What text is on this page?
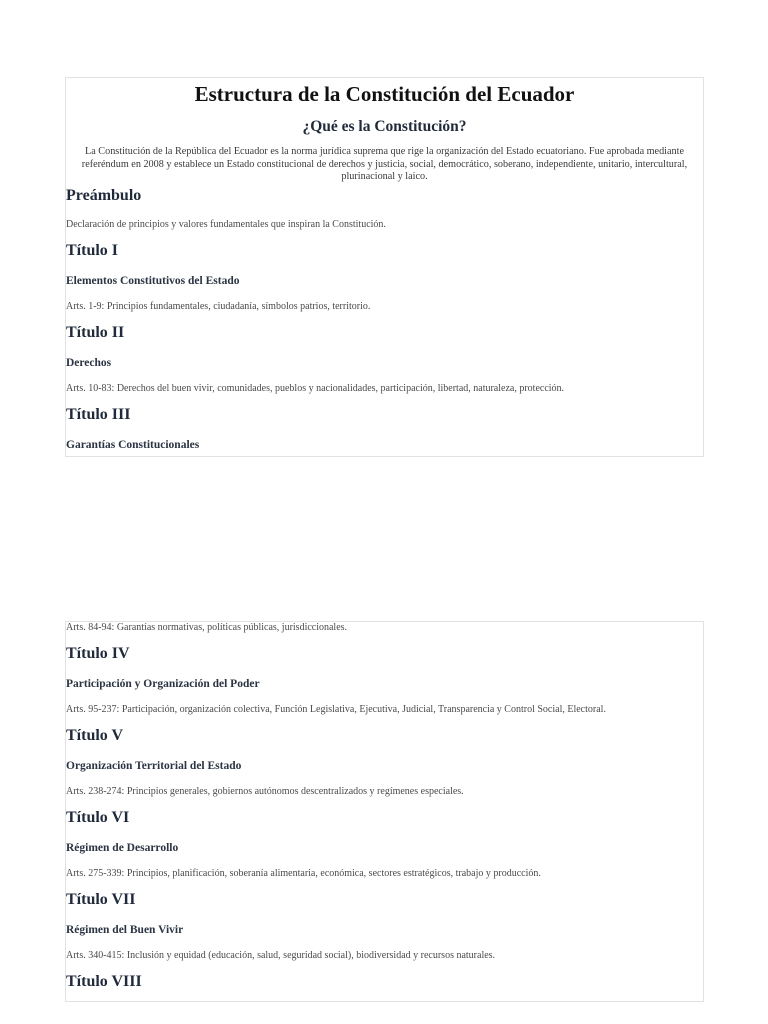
Estructura de la Constitución del Ecuador
¿Qué es la Constitución?

La Constitución de la República del Ecuador es la norma jurídica suprema que rige la organización del Estado ecuatoriano. Fue aprobada mediante referéndum en 2008 y establece un Estado constitucional de derechos y justicia, social, democrático, soberano, independiente, unitario, intercultural, plurinacional y laico.

Preámbulo

Declaración de principios y valores fundamentales que inspiran la Constitución.

Título I
Elementos Constitutivos del Estado

Arts. 1-9: Principios fundamentales, ciudadanía, símbolos patrios, territorio.

Título II
Derechos

Arts. 10-83: Derechos del buen vivir, comunidades, pueblos y nacionalidades, participación, libertad, naturaleza, protección.

Título III
Garantías Constitucionales

Arts. 84-94: Garantías normativas, políticas públicas, jurisdiccionales.

Título IV
Participación y Organización del Poder

Arts. 95-237: Participación, organización colectiva, Función Legislativa, Ejecutiva, Judicial, Transparencia y Control Social, Electoral.

Título V
Organización Territorial del Estado

Arts. 238-274: Principios generales, gobiernos autónomos descentralizados y regímenes especiales.

Título VI
Régimen de Desarrollo

Arts. 275-339: Principios, planificación, soberanía alimentaria, económica, sectores estratégicos, trabajo y producción.

Título VII
Régimen del Buen Vivir

Arts. 340-415: Inclusión y equidad (educación, salud, seguridad social), biodiversidad y recursos naturales.

Título VIII
